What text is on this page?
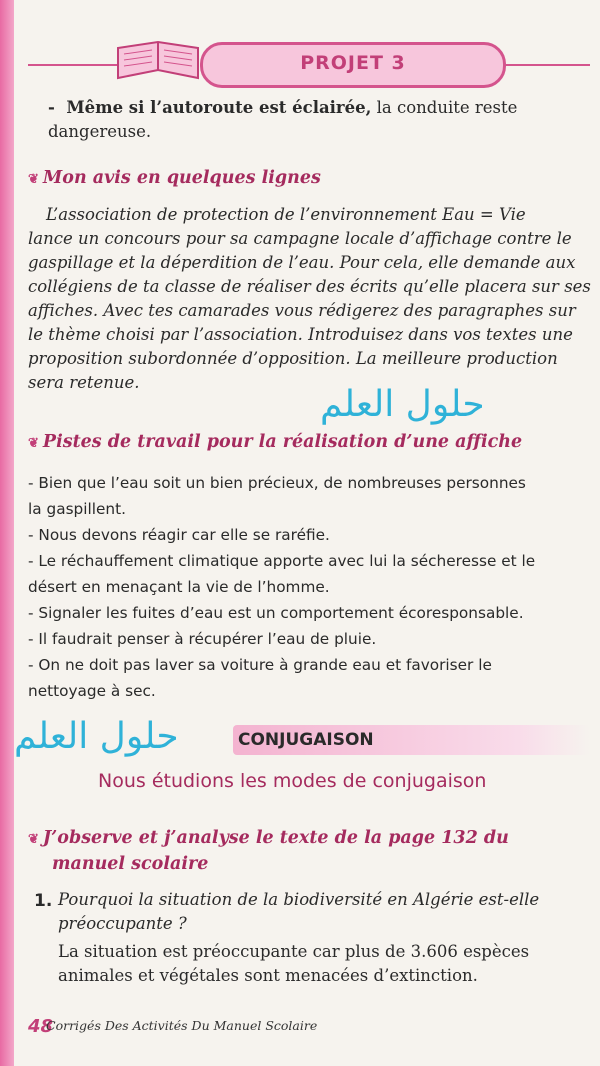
PROJET 3
-  Même si l’autoroute est éclairée, la conduite reste dangereuse.
❦ Mon avis en quelques lignes
L’association de protection de l’environnement Eau = Vie
lance un concours pour sa campagne locale d’affichage contre le
gaspillage et la déperdition de l’eau. Pour cela, elle demande aux
collégiens de ta classe de réaliser des écrits qu’elle placera sur ses
affiches. Avec tes camarades vous rédigerez des paragraphes sur
le thème choisi par l’association. Introduisez dans vos textes une
proposition subordonnée d’opposition. La meilleure production
sera retenue.
حلول العلم
❦ Pistes de travail pour la réalisation d’une affiche
- Bien que l’eau soit un bien précieux, de nombreuses personnes
la gaspillent.
- Nous devons réagir car elle se raréfie.
- Le réchauffement climatique apporte avec lui la sécheresse et le
désert en menaçant la vie de l’homme.
- Signaler les fuites d’eau est un comportement écoresponsable.
- Il faudrait penser à récupérer l’eau de pluie.
- On ne doit pas laver sa voiture à grande eau et favoriser le
nettoyage à sec.
CONJUGAISON
حلول العلم
Nous étudions les modes de conjugaison
❦ J’observe et j’analyse le texte de la page 132 du
manuel scolaire
1. Pourquoi la situation de la biodiversité en Algérie est-elle
préoccupante ?
La situation est préoccupante car plus de 3.606 espèces
animales et végétales sont menacées d’extinction.
48
Corrigés Des Activités Du Manuel Scolaire
